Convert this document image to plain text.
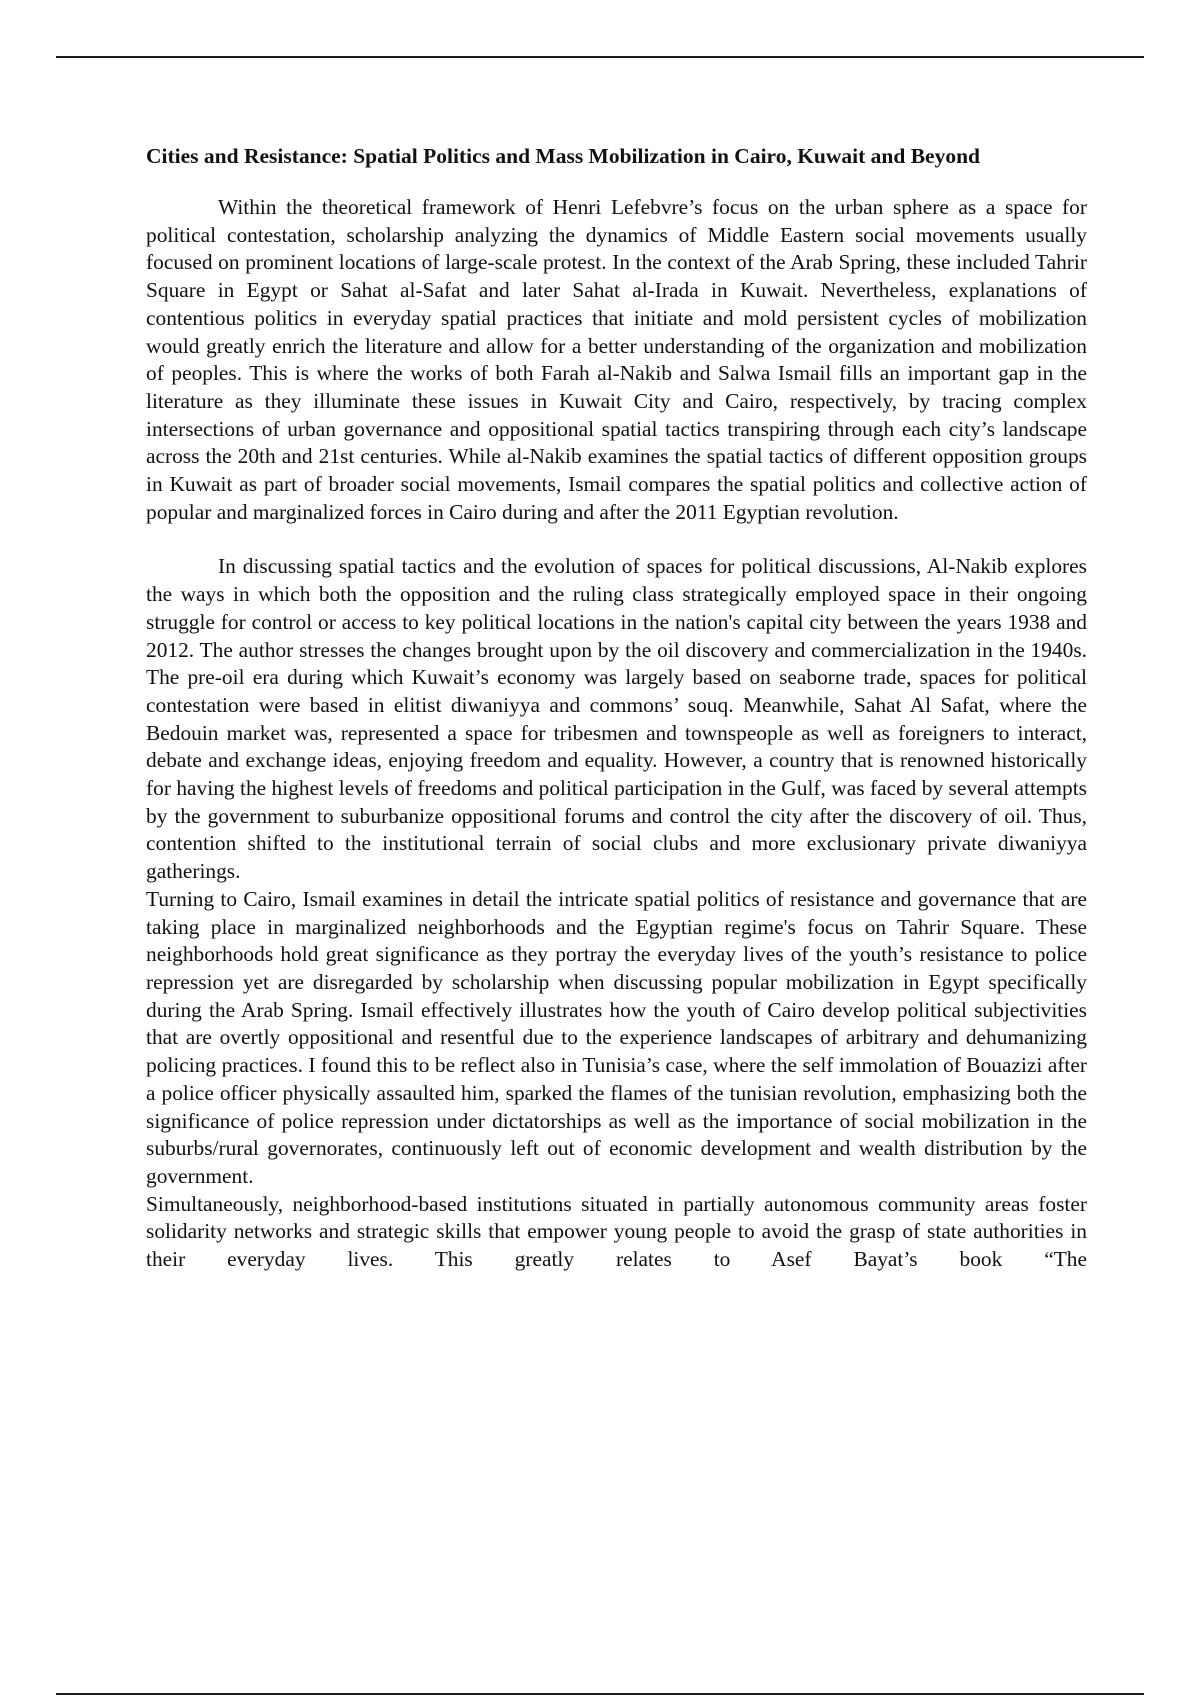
Cities and Resistance: Spatial Politics and Mass Mobilization in Cairo, Kuwait and Beyond

Within the theoretical framework of Henri Lefebvre’s focus on the urban sphere as a space for political contestation, scholarship analyzing the dynamics of Middle Eastern social movements usually focused on prominent locations of large-scale protest. In the context of the Arab Spring, these included Tahrir Square in Egypt or Sahat al-Safat and later Sahat al-Irada in Kuwait. Nevertheless, explanations of contentious politics in everyday spatial practices that initiate and mold persistent cycles of mobilization would greatly enrich the literature and allow for a better understanding of the organization and mobilization of peoples. This is where the works of both Farah al-Nakib and Salwa Ismail fills an important gap in the literature as they illuminate these issues in Kuwait City and Cairo, respectively, by tracing complex intersections of urban governance and oppositional spatial tactics transpiring through each city’s landscape across the 20th and 21st centuries. While al-Nakib examines the spatial tactics of different opposition groups in Kuwait as part of broader social movements, Ismail compares the spatial politics and collective action of popular and marginalized forces in Cairo during and after the 2011 Egyptian revolution.

In discussing spatial tactics and the evolution of spaces for political discussions, Al-Nakib explores the ways in which both the opposition and the ruling class strategically employed space in their ongoing struggle for control or access to key political locations in the nation's capital city between the years 1938 and 2012. The author stresses the changes brought upon by the oil discovery and commercialization in the 1940s. The pre-oil era during which Kuwait’s economy was largely based on seaborne trade, spaces for political contestation were based in elitist diwaniyya and commons’ souq. Meanwhile, Sahat Al Safat, where the Bedouin market was, represented a space for tribesmen and townspeople as well as foreigners to interact, debate and exchange ideas, enjoying freedom and equality. However, a country that is renowned historically for having the highest levels of freedoms and political participation in the Gulf, was faced by several attempts by the government to suburbanize oppositional forums and control the city after the discovery of oil. Thus, contention shifted to the institutional terrain of social clubs and more exclusionary private diwaniyya gatherings.

Turning to Cairo, Ismail examines in detail the intricate spatial politics of resistance and governance that are taking place in marginalized neighborhoods and the Egyptian regime's focus on Tahrir Square. These neighborhoods hold great significance as they portray the everyday lives of the youth’s resistance to police repression yet are disregarded by scholarship when discussing popular mobilization in Egypt specifically during the Arab Spring. Ismail effectively illustrates how the youth of Cairo develop political subjectivities that are overtly oppositional and resentful due to the experience landscapes of arbitrary and dehumanizing policing practices. I found this to be reflect also in Tunisia’s case, where the self immolation of Bouazizi after a police officer physically assaulted him, sparked the flames of the tunisian revolution, emphasizing both the significance of police repression under dictatorships as well as the importance of social mobilization in the suburbs/rural governorates, continuously left out of economic development and wealth distribution by the government.

Simultaneously, neighborhood-based institutions situated in partially autonomous community areas foster solidarity networks and strategic skills that empower young people to avoid the grasp of state authorities in their everyday lives. This greatly relates to Asef Bayat’s book “The
